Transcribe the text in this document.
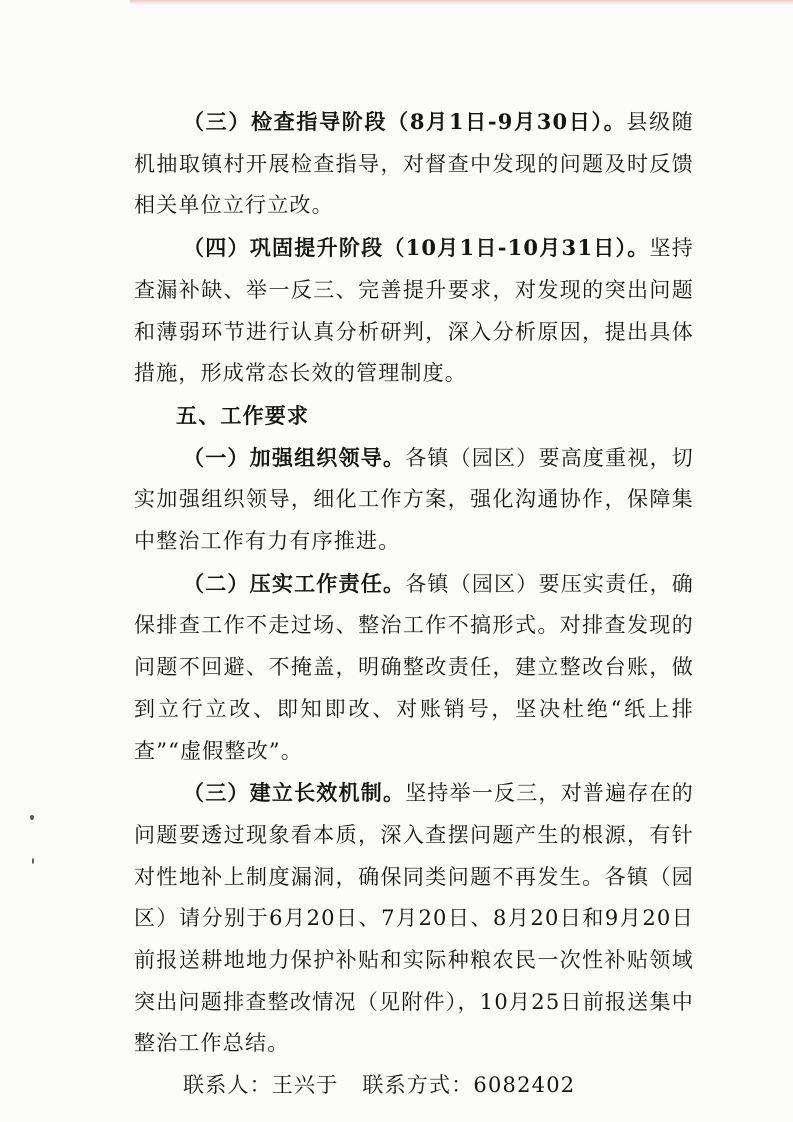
（三）检查指导阶段（8月1日-9月30日）。县级随机抽取镇村开展检查指导，对督查中发现的问题及时反馈相关单位立行立改。

（四）巩固提升阶段（10月1日-10月31日）。坚持查漏补缺、举一反三、完善提升要求，对发现的突出问题和薄弱环节进行认真分析研判，深入分析原因，提出具体措施，形成常态长效的管理制度。

五、工作要求

（一）加强组织领导。各镇（园区）要高度重视，切实加强组织领导，细化工作方案，强化沟通协作，保障集中整治工作有力有序推进。

（二）压实工作责任。各镇（园区）要压实责任，确保排查工作不走过场、整治工作不搞形式。对排查发现的问题不回避、不掩盖，明确整改责任，建立整改台账，做到立行立改、即知即改、对账销号，坚决杜绝“纸上排查”“虚假整改”。

（三）建立长效机制。坚持举一反三，对普遍存在的问题要透过现象看本质，深入查摆问题产生的根源，有针对性地补上制度漏洞，确保同类问题不再发生。各镇（园区）请分别于6月20日、7月20日、8月20日和9月20日前报送耕地地力保护补贴和实际种粮农民一次性补贴领域突出问题排查整改情况（见附件），10月25日前报送集中整治工作总结。

联系人：王兴于 联系方式：6082402
